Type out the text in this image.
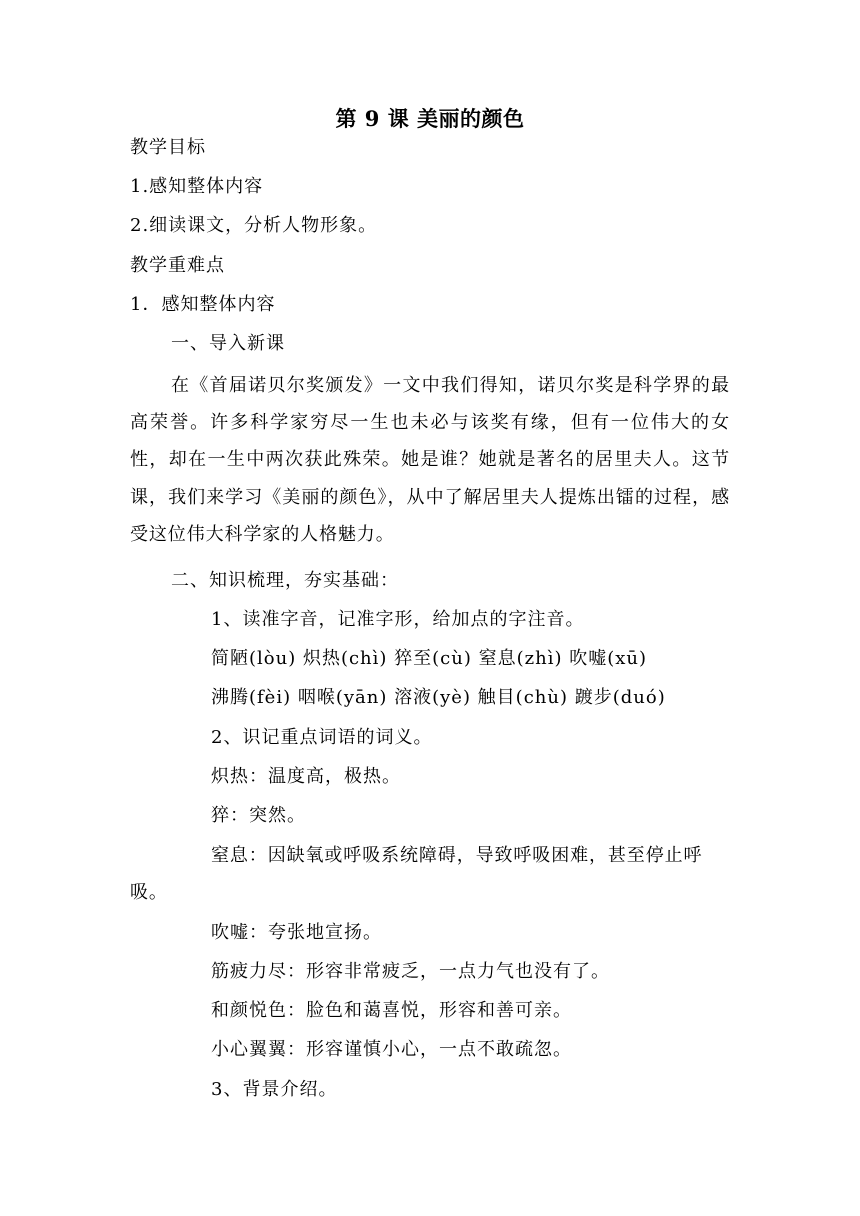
第 9 课 美丽的颜色
教学目标
1.感知整体内容
2.细读课文，分析人物形象。
教学重难点
1．感知整体内容
一、导入新课
在《首届诺贝尔奖颁发》一文中我们得知，诺贝尔奖是科学界的最高荣誉。许多科学家穷尽一生也未必与该奖有缘，但有一位伟大的女性，却在一生中两次获此殊荣。她是谁？她就是著名的居里夫人。这节课，我们来学习《美丽的颜色》，从中了解居里夫人提炼出镭的过程，感受这位伟大科学家的人格魅力。
二、知识梳理，夯实基础：
1、读准字音，记准字形，给加点的字注音。
简陋(lòu) 炽热(chì) 猝至(cù) 窒息(zhì) 吹嘘(xū)
沸腾(fèi) 咽喉(yān) 溶液(yè) 触目(chù) 踱步(duó)
2、识记重点词语的词义。
炽热：温度高，极热。
猝：突然。
窒息：因缺氧或呼吸系统障碍，导致呼吸困难，甚至停止呼吸。
吹嘘：夸张地宣扬。
筋疲力尽：形容非常疲乏，一点力气也没有了。
和颜悦色：脸色和蔼喜悦，形容和善可亲。
小心翼翼：形容谨慎小心，一点不敢疏忽。
3、背景介绍。
